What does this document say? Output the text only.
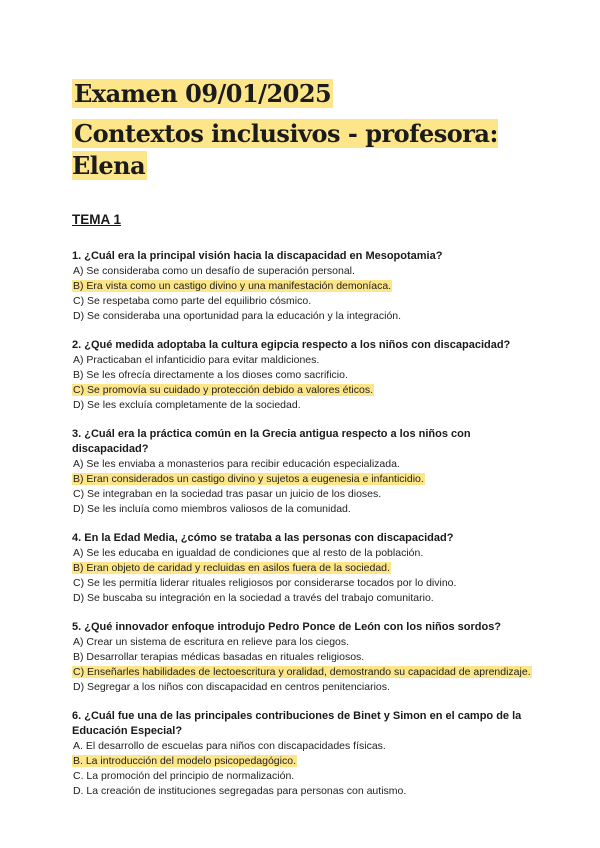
Examen 09/01/2025
Contextos inclusivos - profesora: Elena
TEMA 1
1. ¿Cuál era la principal visión hacia la discapacidad en Mesopotamia?
A) Se consideraba como un desafío de superación personal.
B) Era vista como un castigo divino y una manifestación demoníaca.
C) Se respetaba como parte del equilibrio cósmico.
D) Se consideraba una oportunidad para la educación y la integración.
2. ¿Qué medida adoptaba la cultura egipcia respecto a los niños con discapacidad?
A) Practicaban el infanticidio para evitar maldiciones.
B) Se les ofrecía directamente a los dioses como sacrificio.
C) Se promovía su cuidado y protección debido a valores éticos.
D) Se les excluía completamente de la sociedad.
3. ¿Cuál era la práctica común en la Grecia antigua respecto a los niños con discapacidad?
A) Se les enviaba a monasterios para recibir educación especializada.
B) Eran considerados un castigo divino y sujetos a eugenesia e infanticidio.
C) Se integraban en la sociedad tras pasar un juicio de los dioses.
D) Se les incluía como miembros valiosos de la comunidad.
4. En la Edad Media, ¿cómo se trataba a las personas con discapacidad?
A) Se les educaba en igualdad de condiciones que al resto de la población.
B) Eran objeto de caridad y recluidas en asilos fuera de la sociedad.
C) Se les permitía liderar rituales religiosos por considerarse tocados por lo divino.
D) Se buscaba su integración en la sociedad a través del trabajo comunitario.
5. ¿Qué innovador enfoque introdujo Pedro Ponce de León con los niños sordos?
A) Crear un sistema de escritura en relieve para los ciegos.
B) Desarrollar terapias médicas basadas en rituales religiosos.
C) Enseñarles habilidades de lectoescritura y oralidad, demostrando su capacidad de aprendizaje.
D) Segregar a los niños con discapacidad en centros penitenciarios.
6. ¿Cuál fue una de las principales contribuciones de Binet y Simon en el campo de la Educación Especial?
A. El desarrollo de escuelas para niños con discapacidades físicas.
B. La introducción del modelo psicopedagógico.
C. La promoción del principio de normalización.
D. La creación de instituciones segregadas para personas con autismo.
